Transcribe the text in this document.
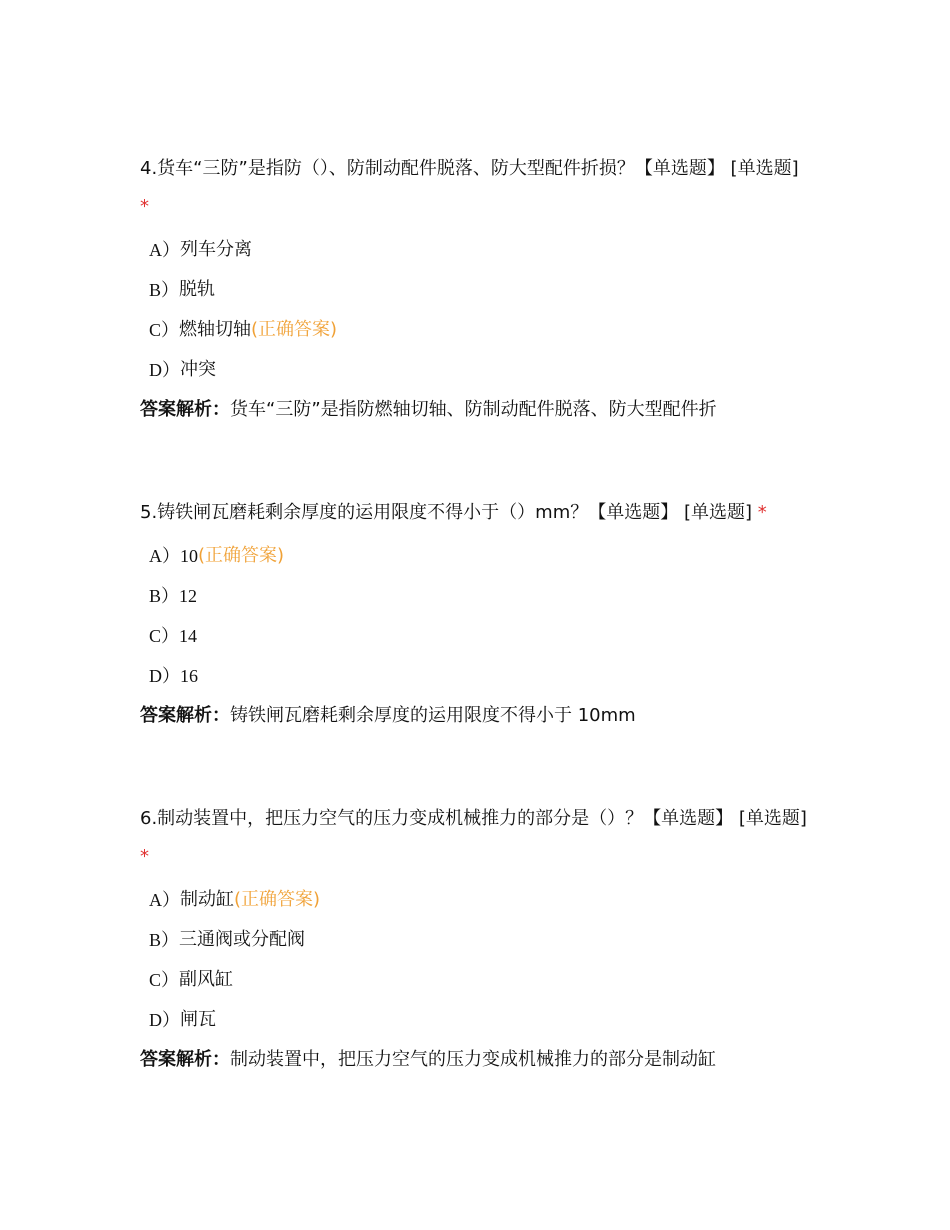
4.货车“三防”是指防（）、防制动配件脱落、防大型配件折损？【单选题】 [单选题] *

A） 列车分离
B） 脱轨
C） 燃轴切轴 (正确答案)
D） 冲突

答案解析：货车“三防”是指防燃轴切轴、防制动配件脱落、防大型配件折

5.铸铁闸瓦磨耗剩余厚度的运用限度不得小于（）mm？【单选题】 [单选题] *

A） 10 (正确答案)
B） 12
C） 14
D） 16

答案解析：铸铁闸瓦磨耗剩余厚度的运用限度不得小于 10mm

6.制动装置中，把压力空气的压力变成机械推力的部分是（）？【单选题】 [单选题] *

A） 制动缸 (正确答案)
B） 三通阀或分配阀
C） 副风缸
D） 闸瓦

答案解析：制动装置中，把压力空气的压力变成机械推力的部分是制动缸
